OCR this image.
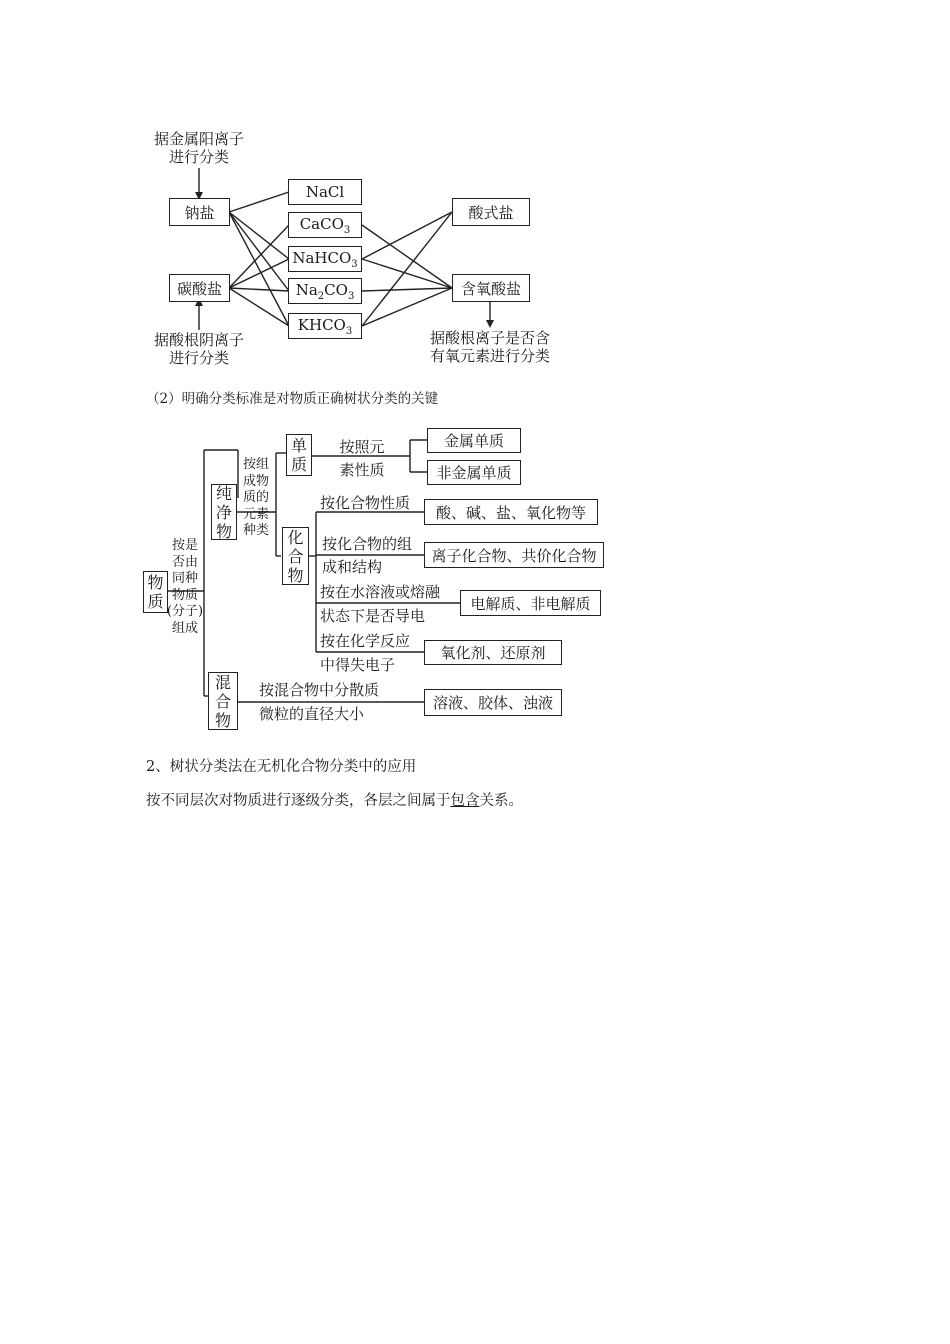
据金属阳离子
进行分类
钠盐
碳酸盐
据酸根阴离子
进行分类
NaCl
CaCO$_3$
NaHCO$_3$
$Na_2CO_3$
$KHCO_3$
酸式盐
含氧酸盐
据酸根离子是否含
有氧元素进行分类
（2）明确分类标准是对物质正确树状分类的关键
物
质
按是
否由
同种
物质
(分子)
组成
纯
净
物
按组
成物
质的
元素
种类
单
质
按照元
素性质
金属单质
非金属单质
化
合
物
按化合物性质
酸、碱、盐、氧化物等
按化合物的组
成和结构
离子化合物、共价化合物
按在水溶液或熔融
状态下是否导电
电解质、非电解质
按在化学反应
中得失电子
氧化剂、还原剂
混
合
物
按混合物中分散质
微粒的直径大小
溶液、胶体、浊液
2、树状分类法在无机化合物分类中的应用
按不同层次对物质进行逐级分类，各层之间属于包含关系。
